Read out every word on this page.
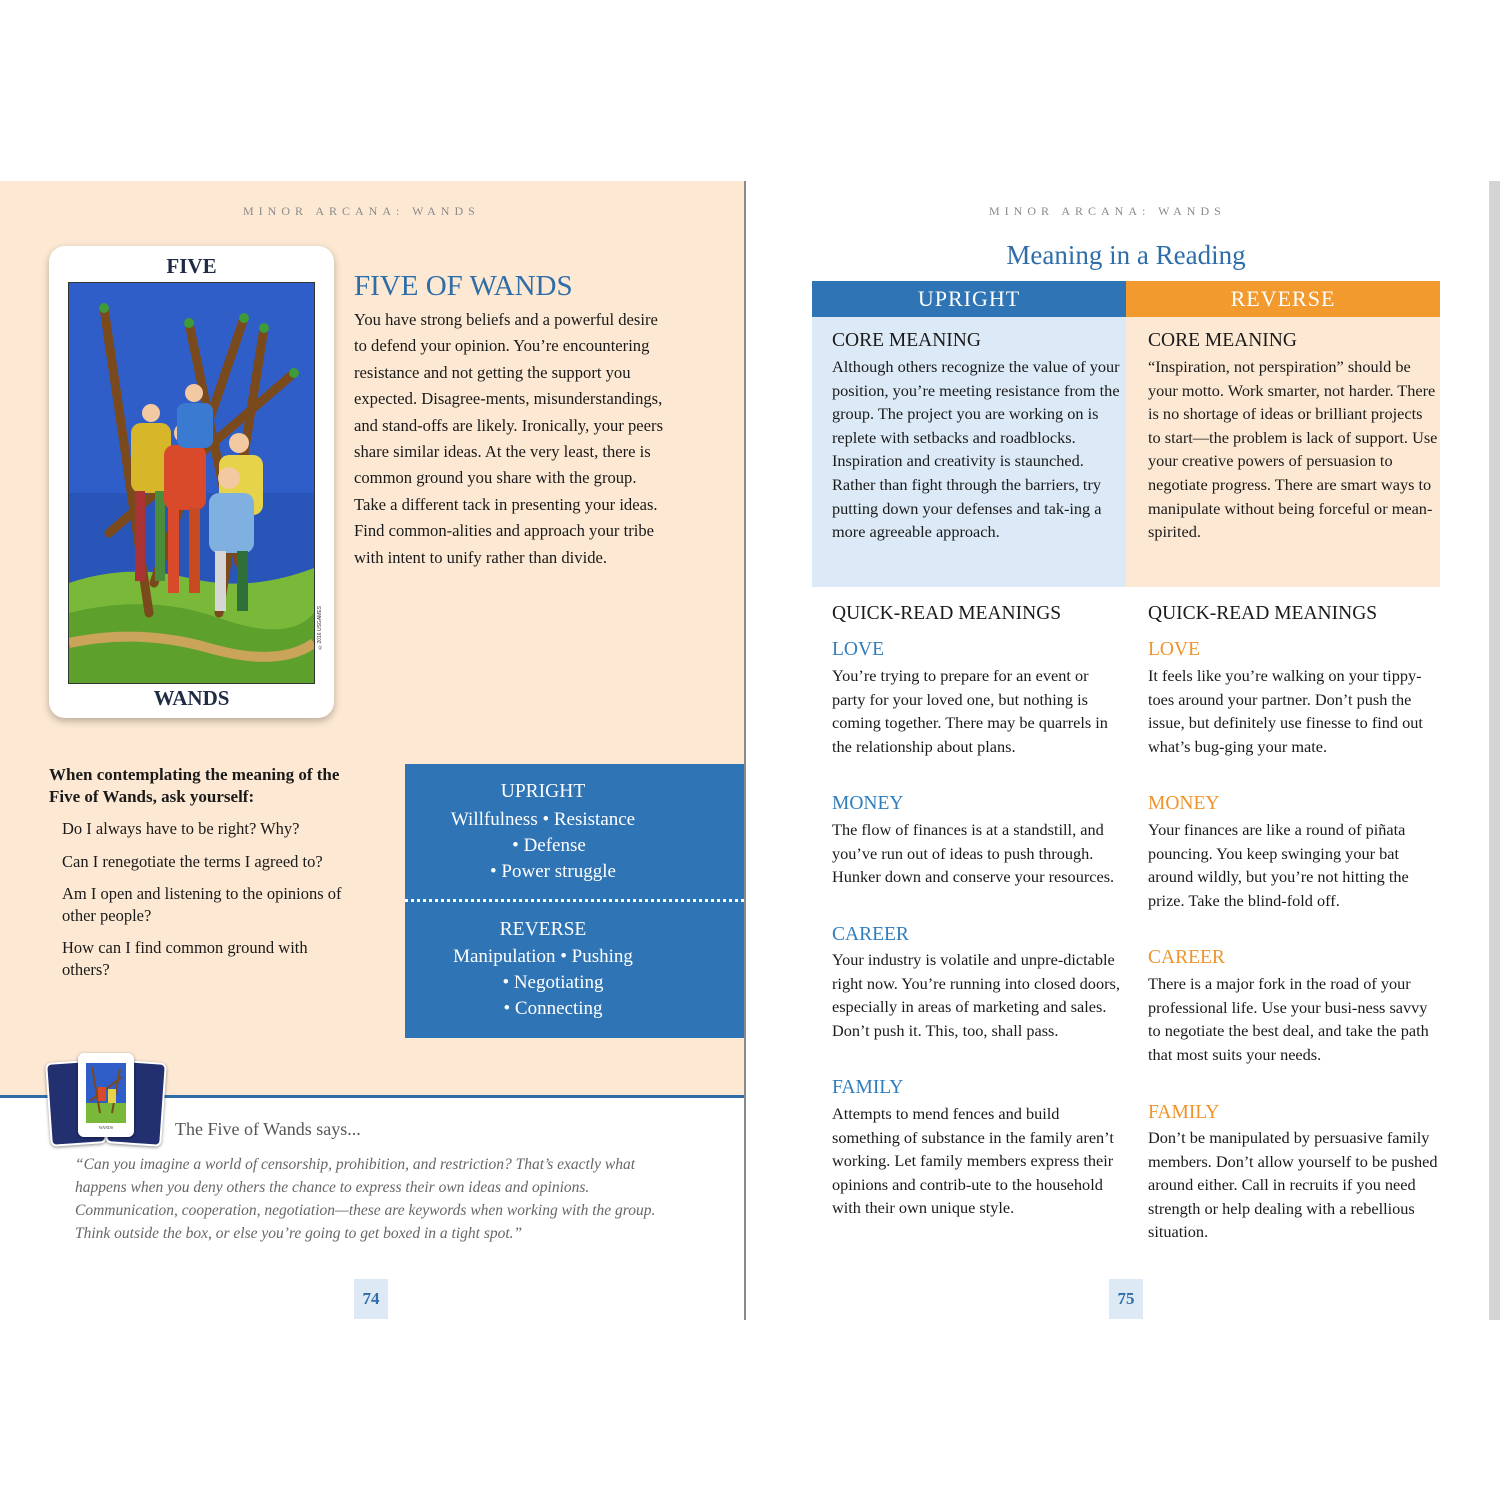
MINOR ARCANA: WANDS
FIVE
©2016 USGAMES
WANDS
FIVE OF WANDS
You have strong beliefs and a powerful desire to defend your opinion. You’re encountering resistance and not getting the support you expected. Disagree-ments, misunderstandings, and stand-offs are likely. Ironically, your peers share similar ideas. At the very least, there is common ground you share with the group. Take a different tack in presenting your ideas. Find common-alities and approach your tribe with intent to unify rather than divide.
When contemplating the meaning of the Five of Wands, ask yourself:
Do I always have to be right? Why?
Can I renegotiate the terms I agreed to?
Am I open and listening to the opinions of other people?
How can I find common ground with others?
UPRIGHT
Willfulness • Resistance
• Defense
• Power struggle
REVERSE
Manipulation • Pushing
• Negotiating
• Connecting
WANDS	The Five of Wands says...
“Can you imagine a world of censorship, prohibition, and restriction? That’s exactly what happens when you deny others the chance to express their own ideas and opinions. Communication, cooperation, negotiation—these are keywords when working with the group. Think outside the box, or else you’re going to get boxed in a tight spot.”
74
MINOR ARCANA: WANDS
Meaning in a Reading
UPRIGHT	REVERSE
CORE MEANING
Although others recognize the value of your position, you’re meeting resistance from the group. The project you are working on is replete with setbacks and roadblocks. Inspiration and creativity is staunched. Rather than fight through the barriers, try putting down your defenses and tak-ing a more agreeable approach.
CORE MEANING
“Inspiration, not perspiration” should be your motto. Work smarter, not harder. There is no shortage of ideas or brilliant projects to start—the problem is lack of support. Use your creative powers of persuasion to negotiate progress. There are smart ways to manipulate without being forceful or mean-spirited.
QUICK-READ MEANINGS
LOVE
You’re trying to prepare for an event or party for your loved one, but nothing is coming together. There may be quarrels in the relationship about plans.
MONEY
The flow of finances is at a standstill, and you’ve run out of ideas to push through. Hunker down and conserve your resources.
CAREER
Your industry is volatile and unpre-dictable right now. You’re running into closed doors, especially in areas of marketing and sales. Don’t push it. This, too, shall pass.
FAMILY
Attempts to mend fences and build something of substance in the family aren’t working. Let family members express their opinions and contrib-ute to the household with their own unique style.
QUICK-READ MEANINGS
LOVE
It feels like you’re walking on your tippy-toes around your partner. Don’t push the issue, but definitely use finesse to find out what’s bug-ging your mate.
MONEY
Your finances are like a round of piñata pouncing. You keep swinging your bat around wildly, but you’re not hitting the prize. Take the blind-fold off.
CAREER
There is a major fork in the road of your professional life. Use your busi-ness savvy to negotiate the best deal, and take the path that most suits your needs.
FAMILY
Don’t be manipulated by persuasive family members. Don’t allow yourself to be pushed around either. Call in recruits if you need strength or help dealing with a rebellious situation.
75
